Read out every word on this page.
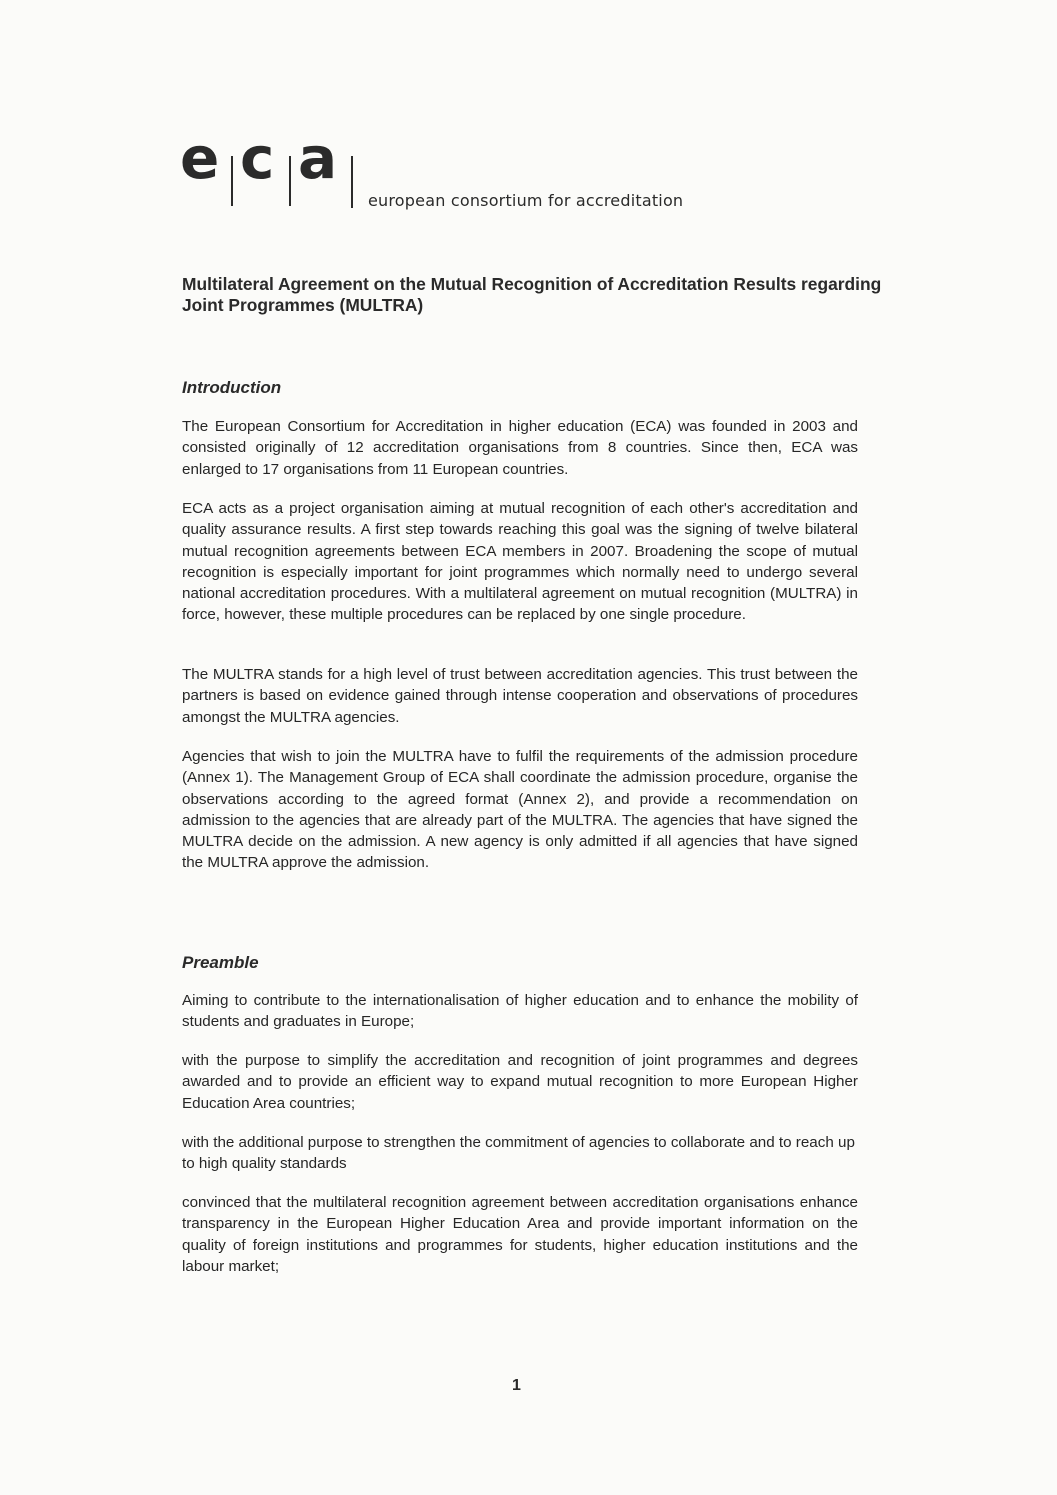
e c a
european consortium for accreditation
Multilateral Agreement on the Mutual Recognition of Accreditation Results regarding Joint Programmes (MULTRA)
Introduction

The European Consortium for Accreditation in higher education (ECA) was founded in 2003 and consisted originally of 12 accreditation organisations from 8 countries. Since then, ECA was enlarged to 17 organisations from 11 European countries.

ECA acts as a project organisation aiming at mutual recognition of each other's accreditation and quality assurance results. A first step towards reaching this goal was the signing of twelve bilateral mutual recognition agreements between ECA members in 2007. Broadening the scope of mutual recognition is especially important for joint programmes which normally need to undergo several national accreditation procedures. With a multilateral agreement on mutual recognition (MULTRA) in force, however, these multiple procedures can be replaced by one single procedure.

The MULTRA stands for a high level of trust between accreditation agencies. This trust between the partners is based on evidence gained through intense cooperation and observations of procedures amongst the MULTRA agencies.

Agencies that wish to join the MULTRA have to fulfil the requirements of the admission procedure (Annex 1). The Management Group of ECA shall coordinate the admission procedure, organise the observations according to the agreed format (Annex 2), and provide a recommendation on admission to the agencies that are already part of the MULTRA. The agencies that have signed the MULTRA decide on the admission. A new agency is only admitted if all agencies that have signed the MULTRA approve the admission.

Preamble

Aiming to contribute to the internationalisation of higher education and to enhance the mobility of students and graduates in Europe;

with the purpose to simplify the accreditation and recognition of joint programmes and degrees awarded and to provide an efficient way to expand mutual recognition to more European Higher Education Area countries;

with the additional purpose to strengthen the commitment of agencies to collaborate and to reach up to high quality standards

convinced that the multilateral recognition agreement between accreditation organisations enhance transparency in the European Higher Education Area and provide important information on the quality of foreign institutions and programmes for students, higher education institutions and the labour market;

1
